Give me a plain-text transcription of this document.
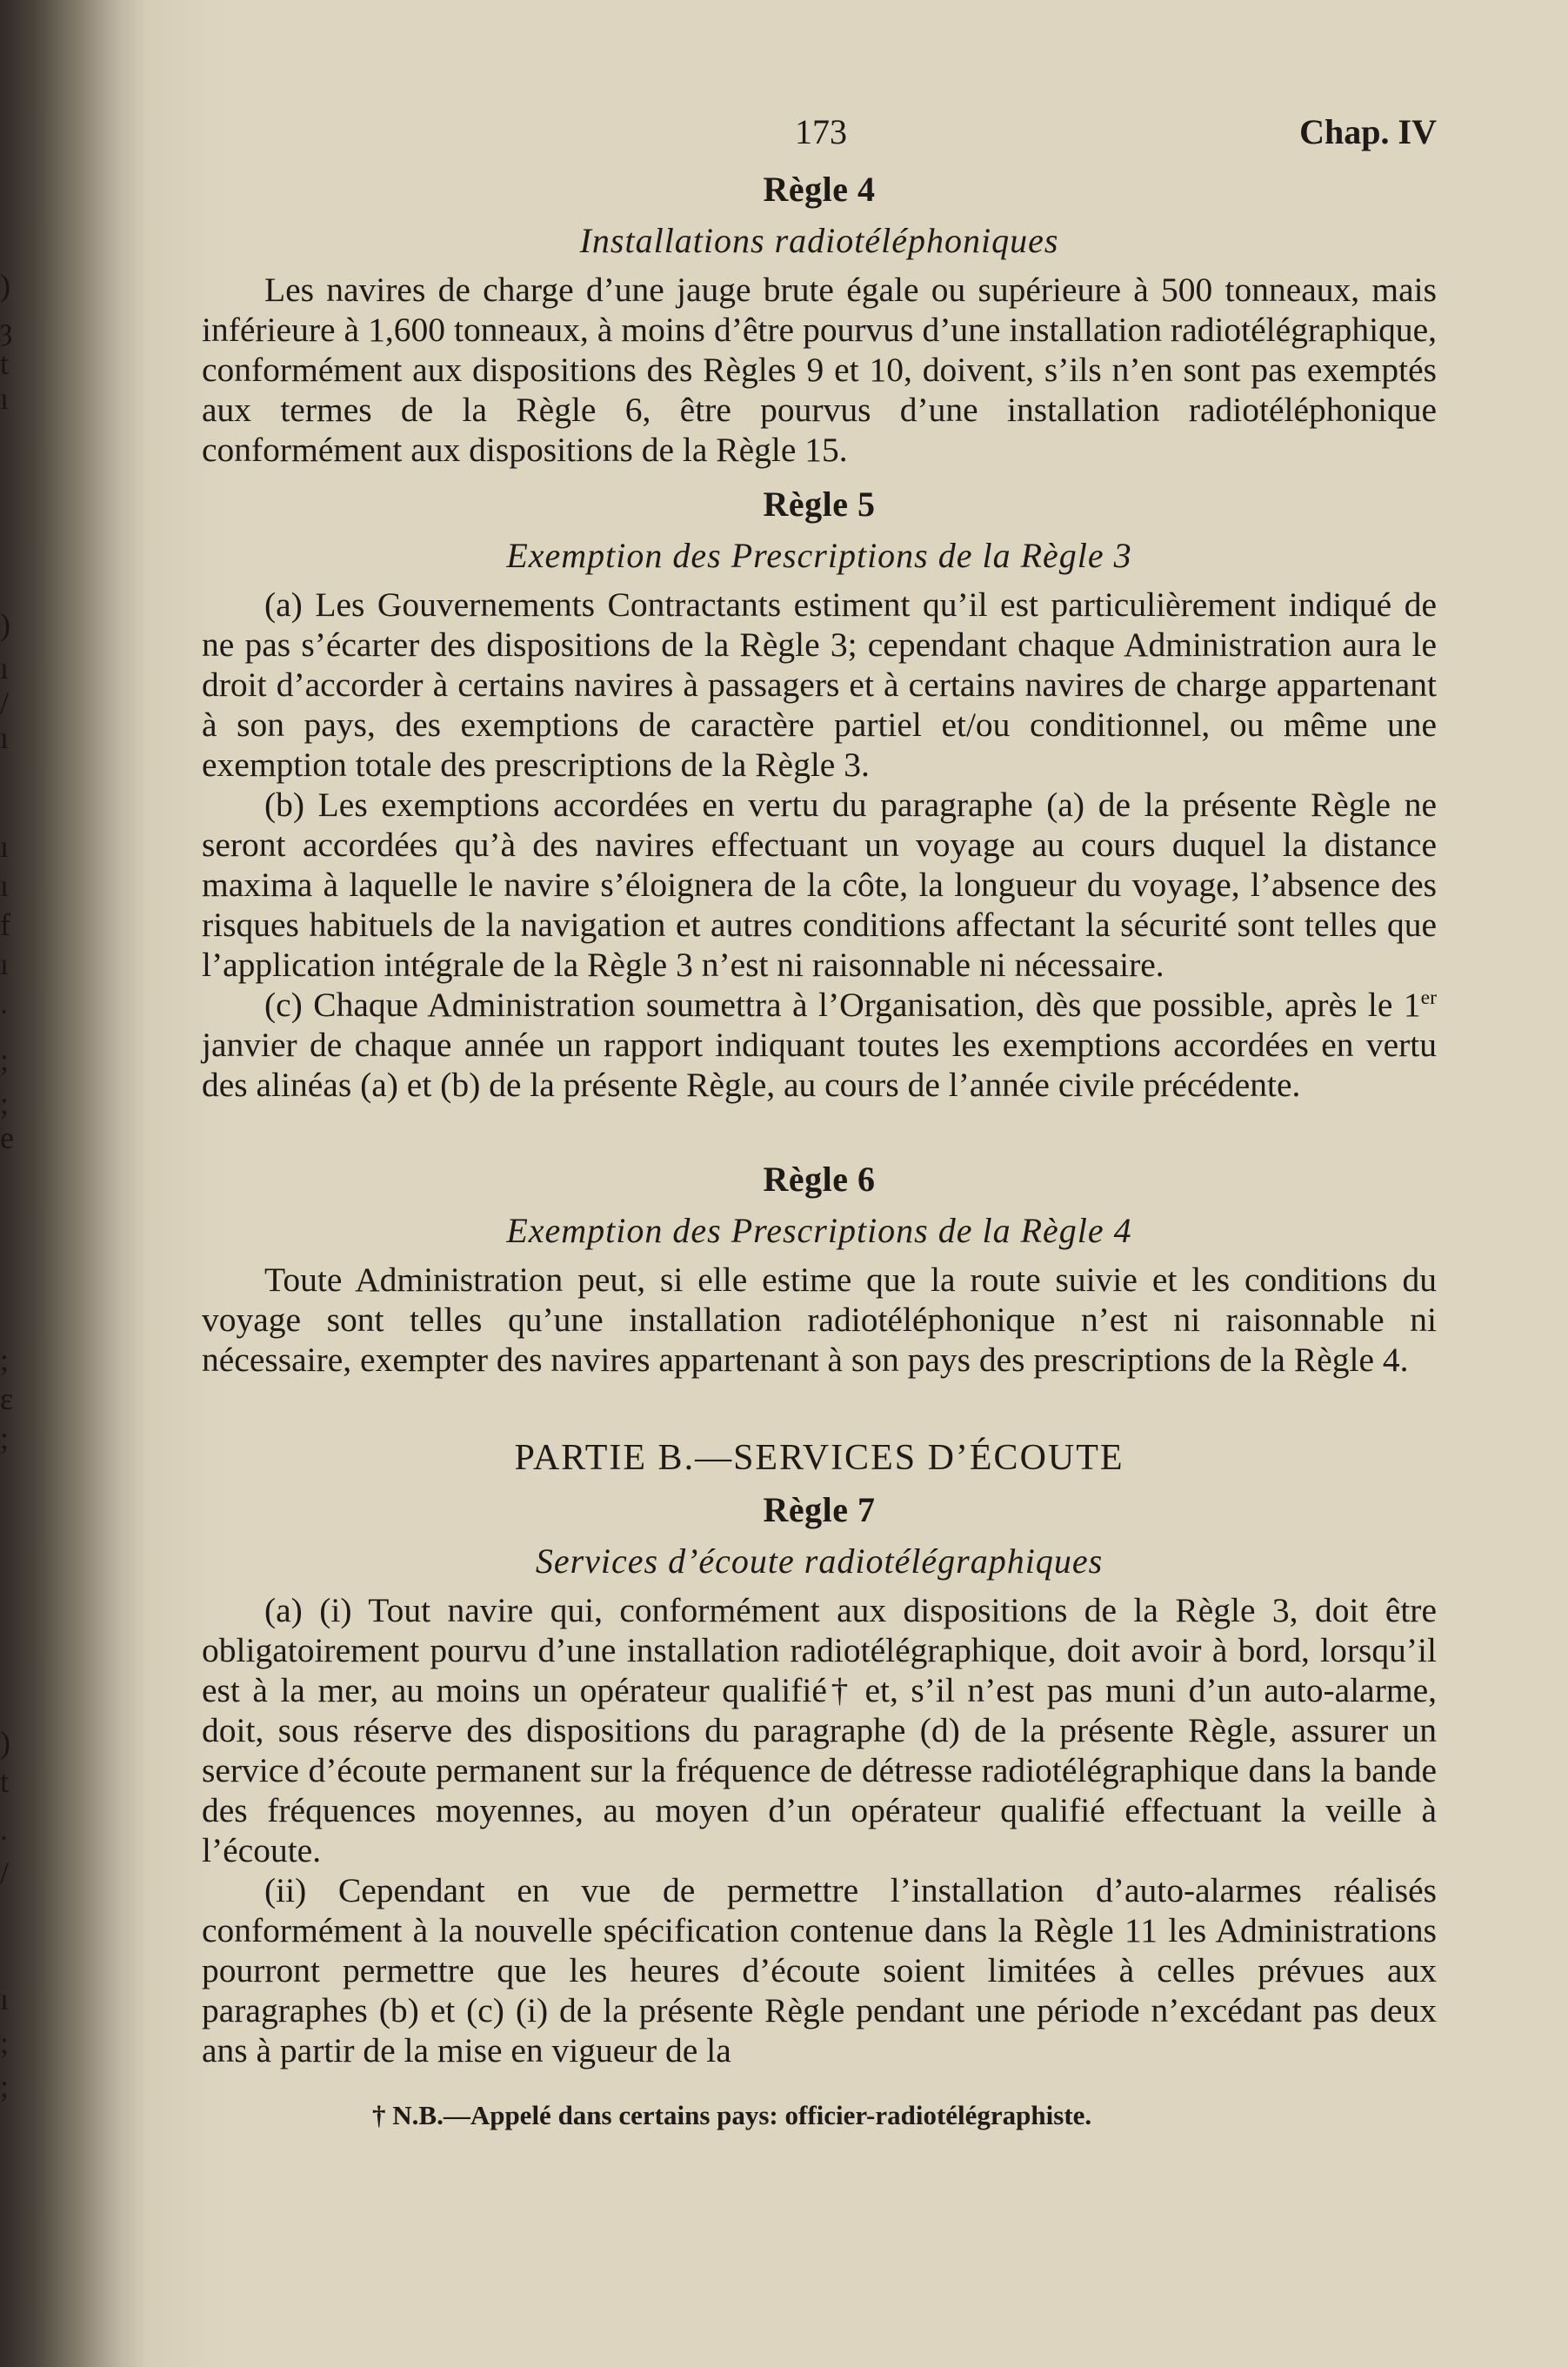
)
ȝ
t
ı
)
ı
/
ı
ı
ı
f
ı
.
;
;
e
;
ɛ
;
)
t
.
/
ı
;
;
173	Chap. IV
Règle 4
Installations radiotéléphoniques

Les navires de charge d’une jauge brute égale ou supérieure à 500 tonneaux, mais inférieure à 1,600 tonneaux, à moins d’être pourvus d’une installation radiotélégraphique, conformément aux dispositions des Règles 9 et 10, doivent, s’ils n’en sont pas exemptés aux termes de la Règle 6, être pourvus d’une installation radiotéléphonique conformément aux dispositions de la Règle 15.

Règle 5
Exemption des Prescriptions de la Règle 3

(a) Les Gouvernements Contractants estiment qu’il est particulièrement indiqué de ne pas s’écarter des dispositions de la Règle 3; cependant chaque Administration aura le droit d’accorder à certains navires à passagers et à certains navires de charge appartenant à son pays, des exemptions de caractère partiel et/ou conditionnel, ou même une exemption totale des prescriptions de la Règle 3.

(b) Les exemptions accordées en vertu du paragraphe (a) de la présente Règle ne seront accordées qu’à des navires effectuant un voyage au cours duquel la distance maxima à laquelle le navire s’éloignera de la côte, la longueur du voyage, l’absence des risques habituels de la navigation et autres conditions affectant la sécurité sont telles que l’application intégrale de la Règle 3 n’est ni raisonnable ni nécessaire.

(c) Chaque Administration soumettra à l’Organisation, dès que possible, après le 1er janvier de chaque année un rapport indiquant toutes les exemptions accordées en vertu des alinéas (a) et (b) de la présente Règle, au cours de l’année civile précédente.

Règle 6
Exemption des Prescriptions de la Règle 4

Toute Administration peut, si elle estime que la route suivie et les conditions du voyage sont telles qu’une installation radiotéléphonique n’est ni raisonnable ni nécessaire, exempter des navires appartenant à son pays des prescriptions de la Règle 4.

PARTIE B.—SERVICES D’ÉCOUTE
Règle 7
Services d’écoute radiotélégraphiques

(a) (i) Tout navire qui, conformément aux dispositions de la Règle 3, doit être obligatoirement pourvu d’une installation radiotélégraphique, doit avoir à bord, lorsqu’il est à la mer, au moins un opérateur qualifié† et, s’il n’est pas muni d’un auto-alarme, doit, sous réserve des dispositions du paragraphe (d) de la présente Règle, assurer un service d’écoute permanent sur la fréquence de détresse radiotélégraphique dans la bande des fréquences moyennes, au moyen d’un opérateur qualifié effectuant la veille à l’écoute.

(ii) Cependant en vue de permettre l’installation d’auto-alarmes réalisés conformément à la nouvelle spécification contenue dans la Règle 11 les Administrations pourront permettre que les heures d’écoute soient limitées à celles prévues aux paragraphes (b) et (c) (i) de la présente Règle pendant une période n’excédant pas deux ans à partir de la mise en vigueur de la

† N.B.—Appelé dans certains pays: officier-radiotélégraphiste.
